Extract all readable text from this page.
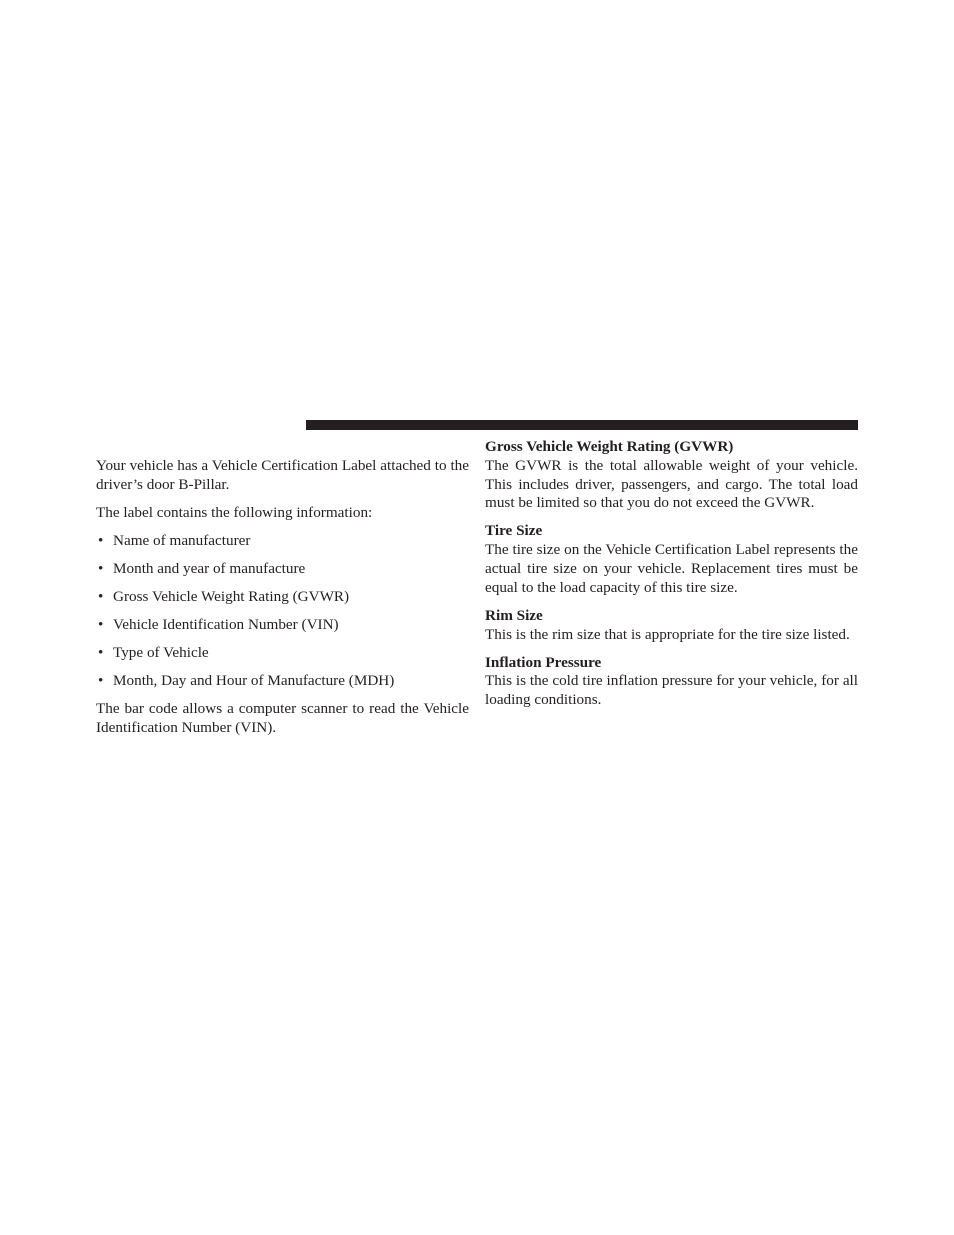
Your vehicle has a Vehicle Certification Label attached to the driver’s door B-Pillar.

The label contains the following information:

• Name of manufacturer
• Month and year of manufacture
• Gross Vehicle Weight Rating (GVWR)
• Vehicle Identification Number (VIN)
• Type of Vehicle
• Month, Day and Hour of Manufacture (MDH)

The bar code allows a computer scanner to read the Vehicle Identification Number (VIN).

Gross Vehicle Weight Rating (GVWR)

The GVWR is the total allowable weight of your vehicle. This includes driver, passengers, and cargo. The total load must be limited so that you do not exceed the GVWR.

Tire Size

The tire size on the Vehicle Certification Label represents the actual tire size on your vehicle. Replacement tires must be equal to the load capacity of this tire size.

Rim Size

This is the rim size that is appropriate for the tire size listed.

Inflation Pressure

This is the cold tire inflation pressure for your vehicle, for all loading conditions.
